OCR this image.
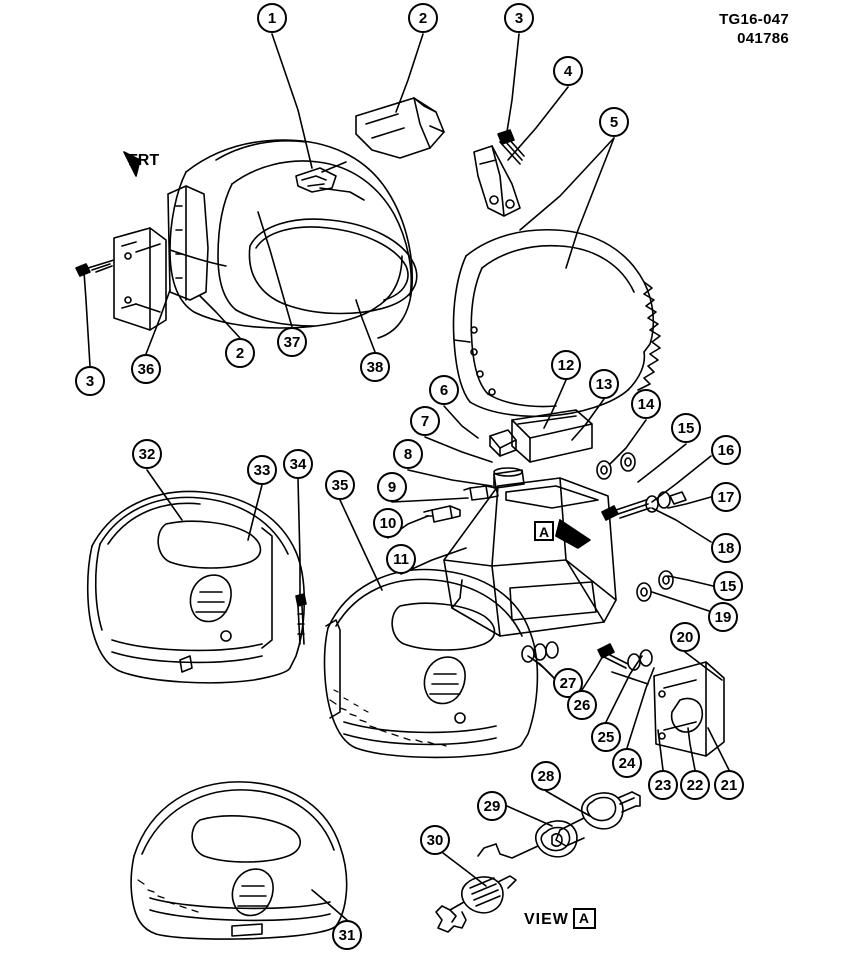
TG16-047
041786
FRT
A
VIEW A
1	2	3
4
5
3
36
2
37
38
6
7
8
9
10
11
12
13
14
15
16
17
18
15
19
32
33	34
35
27
26
25
24
23	22	21
20
28
29
30
31
